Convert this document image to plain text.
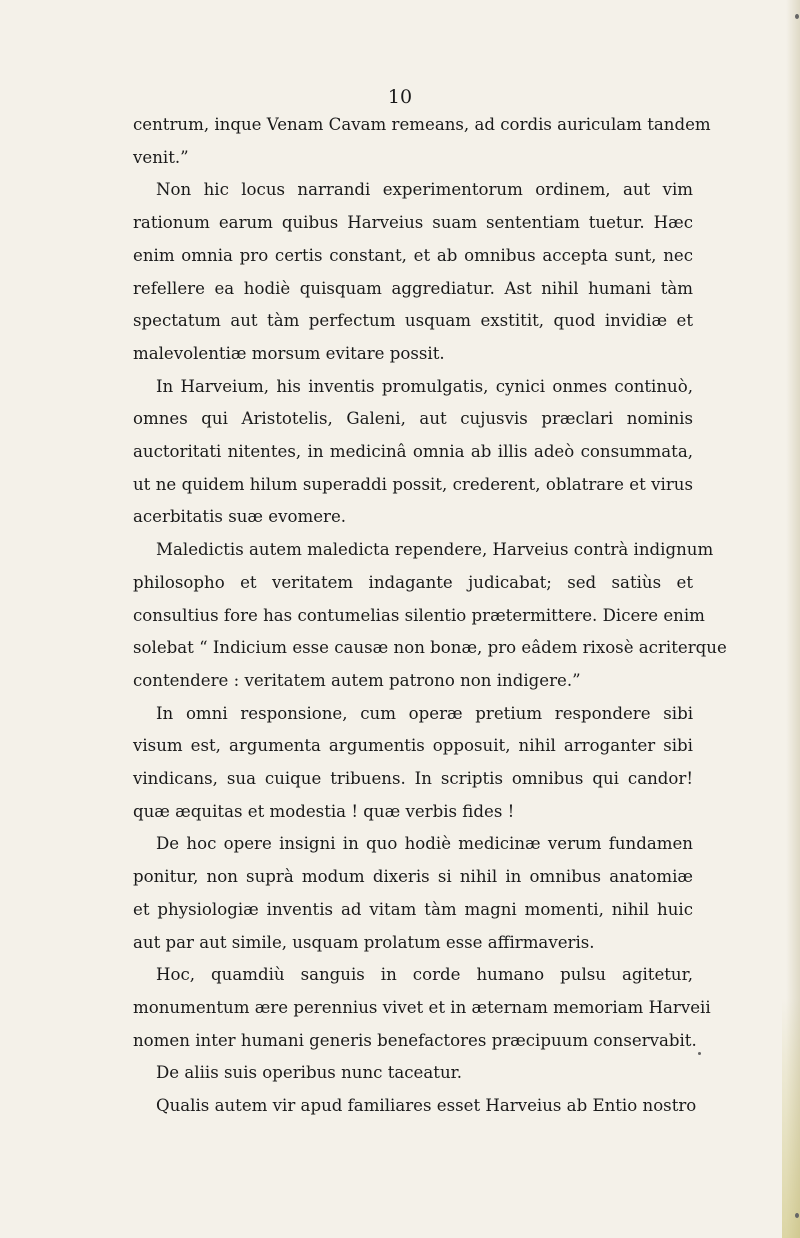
10
centrum, inque Venam Cavam remeans, ad cordis auriculam tandem
venit.”
Non hic locus narrandi experimentorum ordinem, aut vim
rationum earum quibus Harveius suam sententiam tuetur. Hæc
enim omnia pro certis constant, et ab omnibus accepta sunt, nec
refellere ea hodiè quisquam aggrediatur. Ast nihil humani tàm
spectatum aut tàm perfectum usquam exstitit, quod invidiæ et
malevolentiæ morsum evitare possit.
In Harveium, his inventis promulgatis, cynici onmes continuò,
omnes qui Aristotelis, Galeni, aut cujusvis præclari nominis
auctoritati nitentes, in medicinâ omnia ab illis adeò consummata,
ut ne quidem hilum superaddi possit, crederent, oblatrare et virus
acerbitatis suæ evomere.
Maledictis autem maledicta rependere, Harveius contrà indignum
philosopho et veritatem indagante judicabat; sed satiùs et
consultius fore has contumelias silentio prætermittere. Dicere enim
solebat “ Indicium esse causæ non bonæ, pro eâdem rixosè acriterque
contendere : veritatem autem patrono non indigere.”
In omni responsione, cum operæ pretium respondere sibi
visum est, argumenta argumentis opposuit, nihil arroganter sibi
vindicans, sua cuique tribuens. In scriptis omnibus qui candor!
quæ æquitas et modestia ! quæ verbis fides !
De hoc opere insigni in quo hodiè medicinæ verum fundamen
ponitur, non suprà modum dixeris si nihil in omnibus anatomiæ
et physiologiæ inventis ad vitam tàm magni momenti, nihil huic
aut par aut simile, usquam prolatum esse affirmaveris.
Hoc, quamdiù sanguis in corde humano pulsu agitetur,
monumentum ære perennius vivet et in æternam memoriam Harveii
nomen inter humani generis benefactores præcipuum conservabit.
De aliis suis operibus nunc taceatur.
Qualis autem vir apud familiares esset Harveius ab Entio nostro
